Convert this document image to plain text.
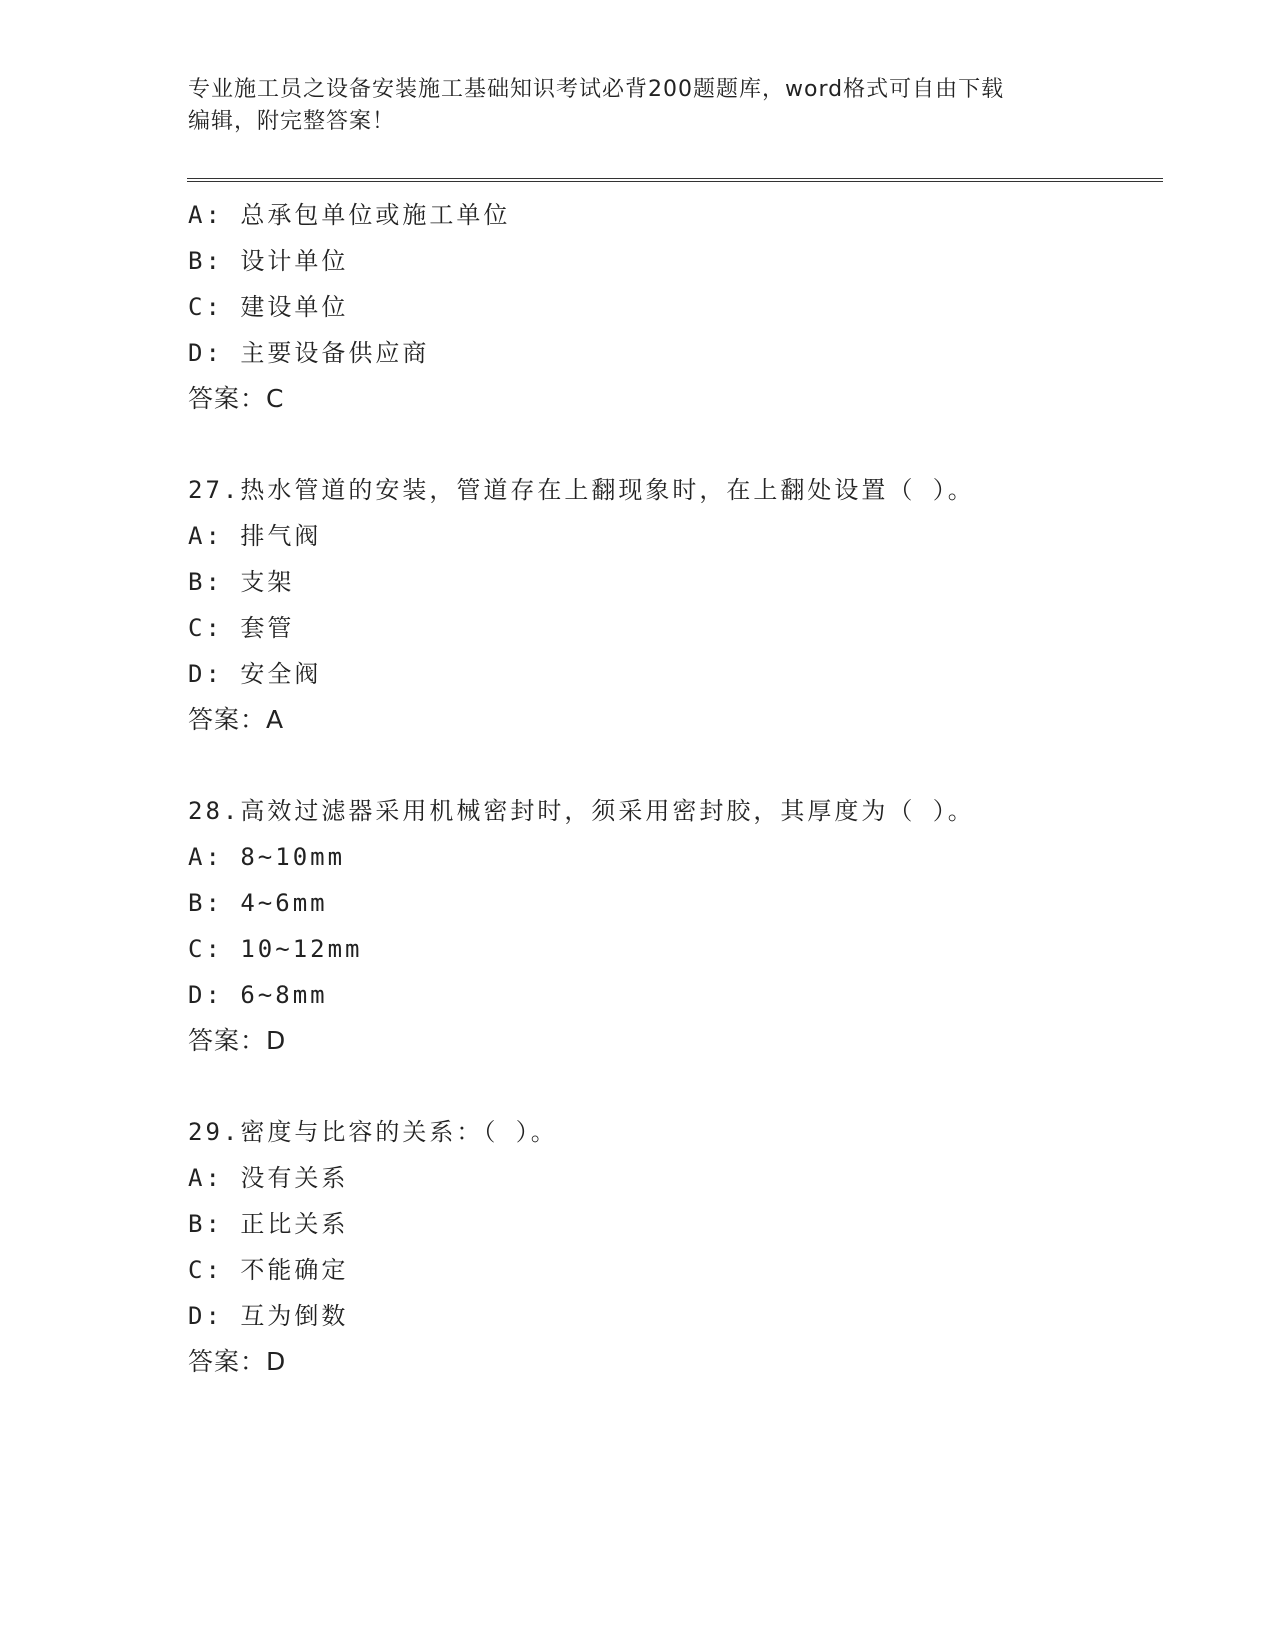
专业施工员之设备安装施工基础知识考试必背200题题库，word格式可自由下载
编辑，附完整答案！
A: 总承包单位或施工单位
B: 设计单位
C: 建设单位
D: 主要设备供应商
答案：C
27.热水管道的安装，管道存在上翻现象时，在上翻处设置（ ）。
A: 排气阀
B: 支架
C: 套管
D: 安全阀
答案：A
28.高效过滤器采用机械密封时，须采用密封胶，其厚度为（ ）。
A: 8~10mm
B: 4~6mm
C: 10~12mm
D: 6~8mm
答案：D
29.密度与比容的关系：（ ）。
A: 没有关系
B: 正比关系
C: 不能确定
D: 互为倒数
答案：D
